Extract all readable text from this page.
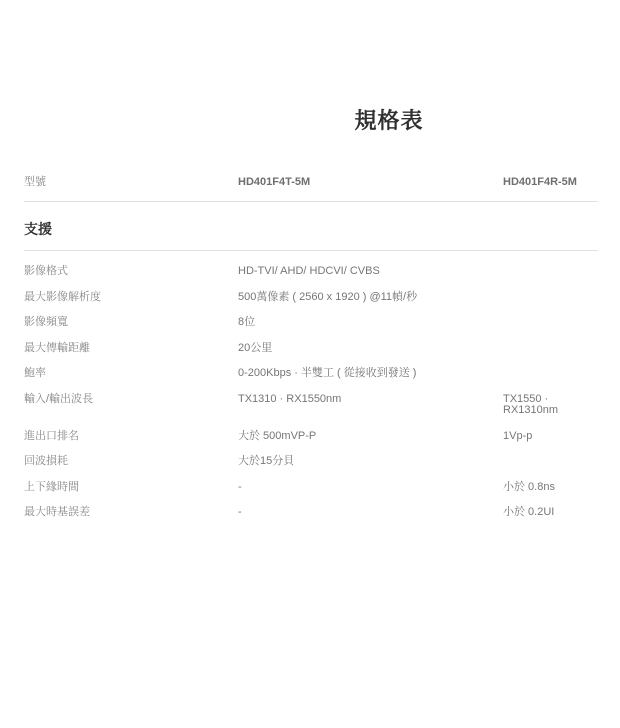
規格表
型號	HD401F4T-5M	HD401F4R-5M
支援
影像格式	HD-TVI/ AHD/ HDCVI/ CVBS
最大影像解析度	500萬像素 ( 2560 x 1920 ) @11幀/秒
影像頻寬	8位
最大傳輸距離	20公里
鮑率	0-200Kbps · 半雙工 ( 從接收到發送 )
輸入/輸出波長	TX1310 · RX1550nm	TX1550 · RX1310nm
進出口排名	大於 500mVP-P	1Vp-p
回波損耗	大於15分貝
上下緣時間	-	小於 0.8ns
最大時基誤差	-	小於 0.2UI
